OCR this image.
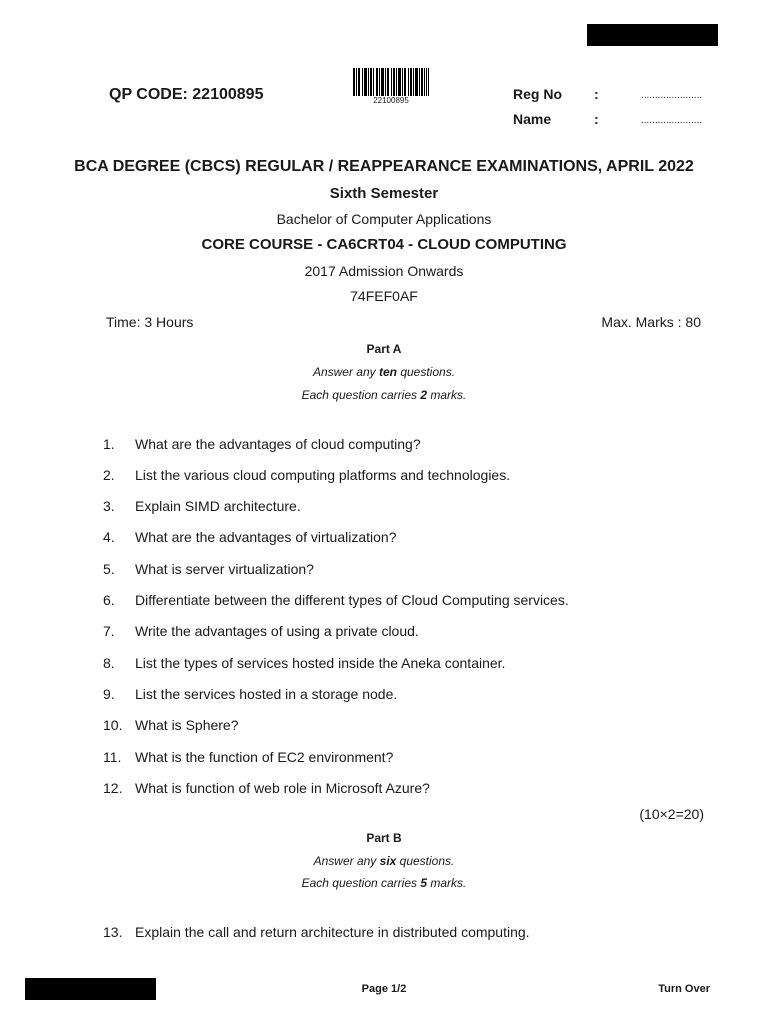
QP CODE: 22100895	22100895	Reg No :	......................
Name	:	......................
BCA DEGREE (CBCS) REGULAR / REAPPEARANCE EXAMINATIONS, APRIL 2022
Sixth Semester
Bachelor of Computer Applications
CORE COURSE - CA6CRT04 - CLOUD COMPUTING
2017 Admission Onwards
74FEF0AF
Time: 3 Hours	Max. Marks : 80
Part A
Answer any ten questions.
Each question carries 2 marks.
1. What are the advantages of cloud computing?
2. List the various cloud computing platforms and technologies.
3. Explain SIMD architecture.
4. What are the advantages of virtualization?
5. What is server virtualization?
6. Differentiate between the different types of Cloud Computing services.
7. Write the advantages of using a private cloud.
8. List the types of services hosted inside the Aneka container.
9. List the services hosted in a storage node.
10. What is Sphere?
11. What is the function of EC2 environment?
12. What is function of web role in Microsoft Azure?
(10×2=20)
Part B
Answer any six questions.
Each question carries 5 marks.
13. Explain the call and return architecture in distributed computing.
Page 1/2	Turn Over
